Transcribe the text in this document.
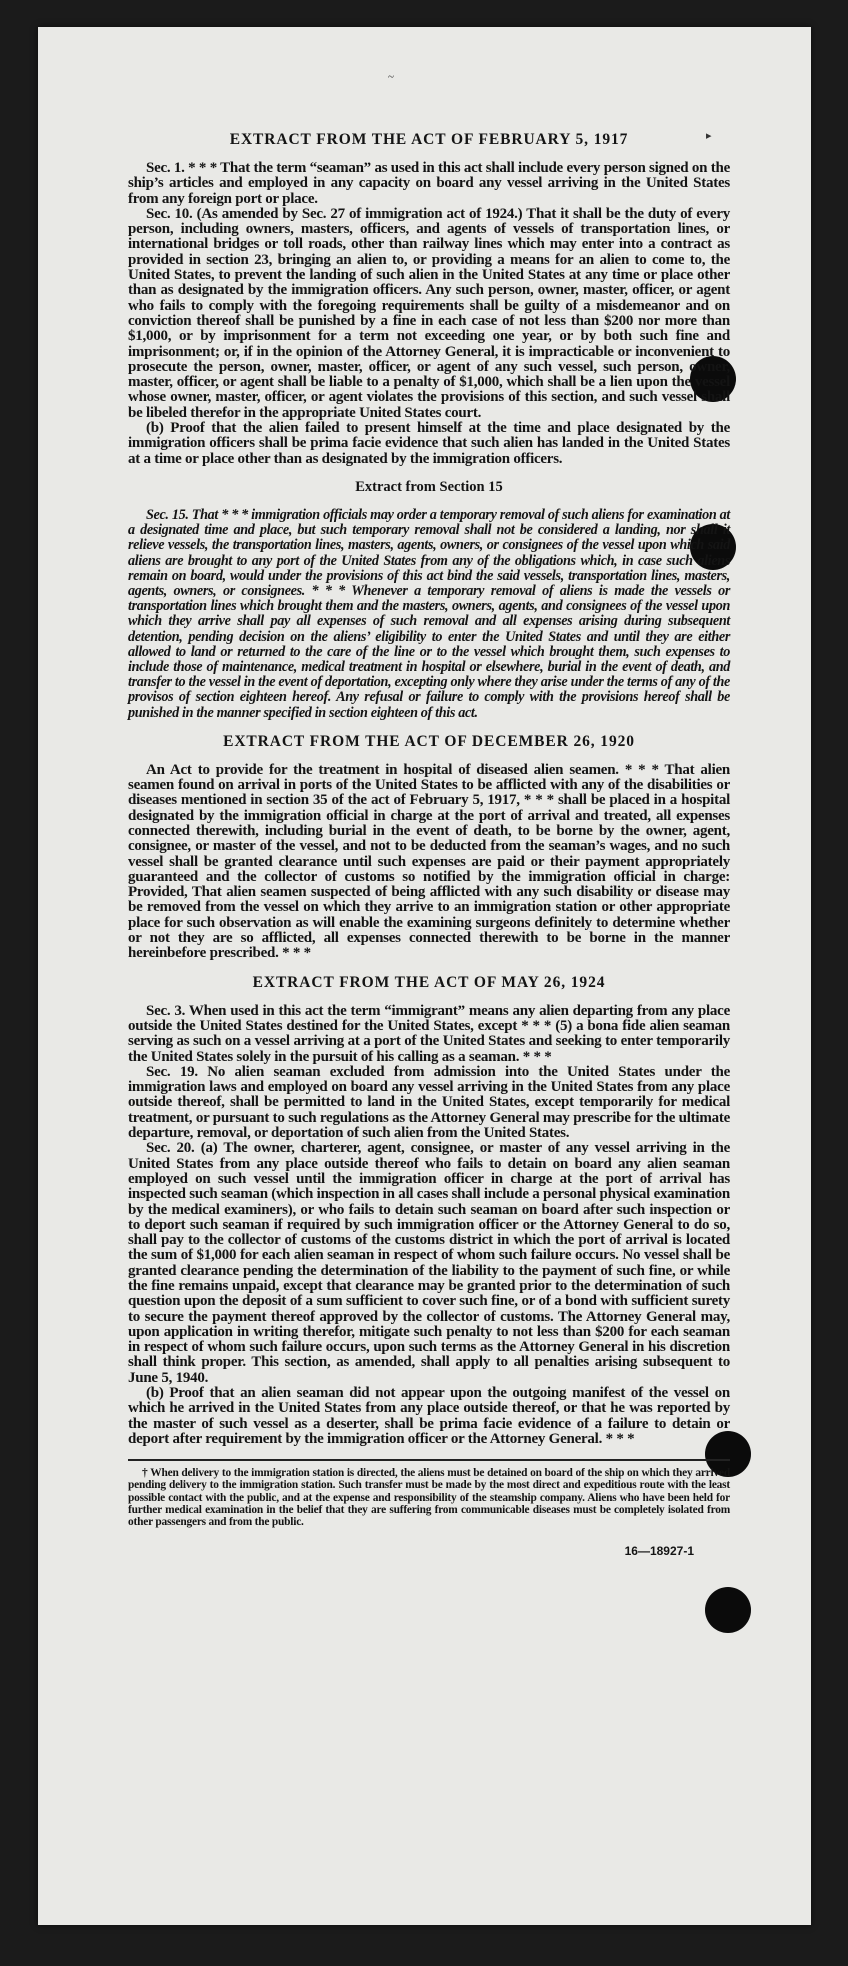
~
▸
EXTRACT FROM THE ACT OF FEBRUARY 5, 1917

Sec. 1. * * * That the term “seaman” as used in this act shall include every person signed on the ship’s articles and employed in any capacity on board any vessel arriving in the United States from any foreign port or place.

Sec. 10. (As amended by Sec. 27 of immigration act of 1924.) That it shall be the duty of every person, including owners, masters, officers, and agents of vessels of transportation lines, or international bridges or toll roads, other than railway lines which may enter into a contract as provided in section 23, bringing an alien to, or providing a means for an alien to come to, the United States, to prevent the landing of such alien in the United States at any time or place other than as designated by the immigration officers. Any such person, owner, master, officer, or agent who fails to comply with the foregoing requirements shall be guilty of a misdemeanor and on conviction thereof shall be punished by a fine in each case of not less than $200 nor more than $1,000, or by imprisonment for a term not exceeding one year, or by both such fine and imprisonment; or, if in the opinion of the Attorney General, it is impracticable or inconvenient to prosecute the person, owner, master, officer, or agent of any such vessel, such person, owner, master, officer, or agent shall be liable to a penalty of $1,000, which shall be a lien upon the vessel whose owner, master, officer, or agent violates the provisions of this section, and such vessel shall be libeled therefor in the appropriate United States court.

(b) Proof that the alien failed to present himself at the time and place designated by the immigration officers shall be prima facie evidence that such alien has landed in the United States at a time or place other than as designated by the immigration officers.

Extract from Section 15

Sec. 15. That * * * immigration officials may order a temporary removal of such aliens for examination at a designated time and place, but such temporary removal shall not be considered a landing, nor shall it relieve vessels, the transportation lines, masters, agents, owners, or consignees of the vessel upon which said aliens are brought to any port of the United States from any of the obligations which, in case such aliens remain on board, would under the provisions of this act bind the said vessels, transportation lines, masters, agents, owners, or consignees. * * * Whenever a temporary removal of aliens is made the vessels or transportation lines which brought them and the masters, owners, agents, and consignees of the vessel upon which they arrive shall pay all expenses of such removal and all expenses arising during subsequent detention, pending decision on the aliens’ eligibility to enter the United States and until they are either allowed to land or returned to the care of the line or to the vessel which brought them, such expenses to include those of maintenance, medical treatment in hospital or elsewhere, burial in the event of death, and transfer to the vessel in the event of deportation, excepting only where they arise under the terms of any of the provisos of section eighteen hereof. Any refusal or failure to comply with the provisions hereof shall be punished in the manner specified in section eighteen of this act.

EXTRACT FROM THE ACT OF DECEMBER 26, 1920

An Act to provide for the treatment in hospital of diseased alien seamen. * * * That alien seamen found on arrival in ports of the United States to be afflicted with any of the disabilities or diseases mentioned in section 35 of the act of February 5, 1917, * * * shall be placed in a hospital designated by the immigration official in charge at the port of arrival and treated, all expenses connected therewith, including burial in the event of death, to be borne by the owner, agent, consignee, or master of the vessel, and not to be deducted from the seaman’s wages, and no such vessel shall be granted clearance until such expenses are paid or their payment appropriately guaranteed and the collector of customs so notified by the immigration official in charge: Provided, That alien seamen suspected of being afflicted with any such disability or disease may be removed from the vessel on which they arrive to an immigration station or other appropriate place for such observation as will enable the examining surgeons definitely to determine whether or not they are so afflicted, all expenses connected therewith to be borne in the manner hereinbefore prescribed. * * *

EXTRACT FROM THE ACT OF MAY 26, 1924

Sec. 3. When used in this act the term “immigrant” means any alien departing from any place outside the United States destined for the United States, except * * * (5) a bona fide alien seaman serving as such on a vessel arriving at a port of the United States and seeking to enter temporarily the United States solely in the pursuit of his calling as a seaman. * * *

Sec. 19. No alien seaman excluded from admission into the United States under the immigration laws and employed on board any vessel arriving in the United States from any place outside thereof, shall be permitted to land in the United States, except temporarily for medical treatment, or pursuant to such regulations as the Attorney General may prescribe for the ultimate departure, removal, or deportation of such alien from the United States.

Sec. 20. (a) The owner, charterer, agent, consignee, or master of any vessel arriving in the United States from any place outside thereof who fails to detain on board any alien seaman employed on such vessel until the immigration officer in charge at the port of arrival has inspected such seaman (which inspection in all cases shall include a personal physical examination by the medical examiners), or who fails to detain such seaman on board after such inspection or to deport such seaman if required by such immigration officer or the Attorney General to do so, shall pay to the collector of customs of the customs district in which the port of arrival is located the sum of $1,000 for each alien seaman in respect of whom such failure occurs. No vessel shall be granted clearance pending the determination of the liability to the payment of such fine, or while the fine remains unpaid, except that clearance may be granted prior to the determination of such question upon the deposit of a sum sufficient to cover such fine, or of a bond with sufficient surety to secure the payment thereof approved by the collector of customs. The Attorney General may, upon application in writing therefor, mitigate such penalty to not less than $200 for each seaman in respect of whom such failure occurs, upon such terms as the Attorney General in his discretion shall think proper. This section, as amended, shall apply to all penalties arising subsequent to June 5, 1940.

(b) Proof that an alien seaman did not appear upon the outgoing manifest of the vessel on which he arrived in the United States from any place outside thereof, or that he was reported by the master of such vessel as a deserter, shall be prima facie evidence of a failure to detain or deport after requirement by the immigration officer or the Attorney General. * * *

† When delivery to the immigration station is directed, the aliens must be detained on board of the ship on which they arrived pending delivery to the immigration station. Such transfer must be made by the most direct and expeditious route with the least possible contact with the public, and at the expense and responsibility of the steamship company. Aliens who have been held for further medical examination in the belief that they are suffering from communicable diseases must be completely isolated from other passengers and from the public.

16—18927-1
